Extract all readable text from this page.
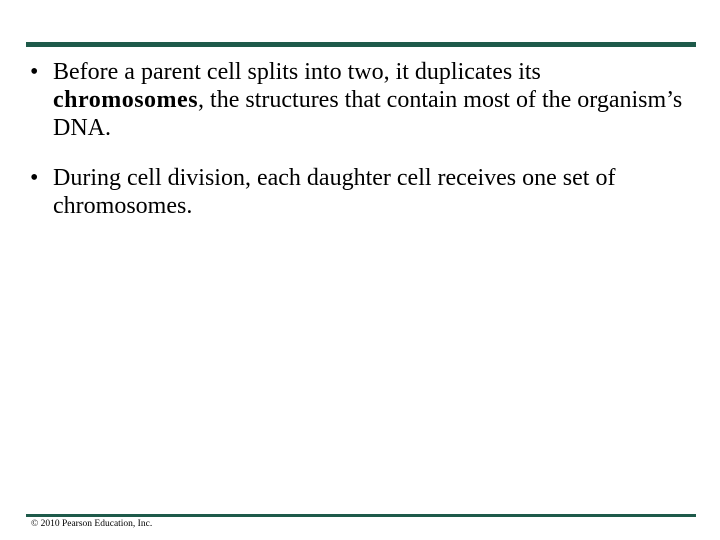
• Before a parent cell splits into two, it duplicates its chromosomes, the structures that contain most of the organism’s DNA.
• During cell division, each daughter cell receives one set of chromosomes.
© 2010 Pearson Education, Inc.
